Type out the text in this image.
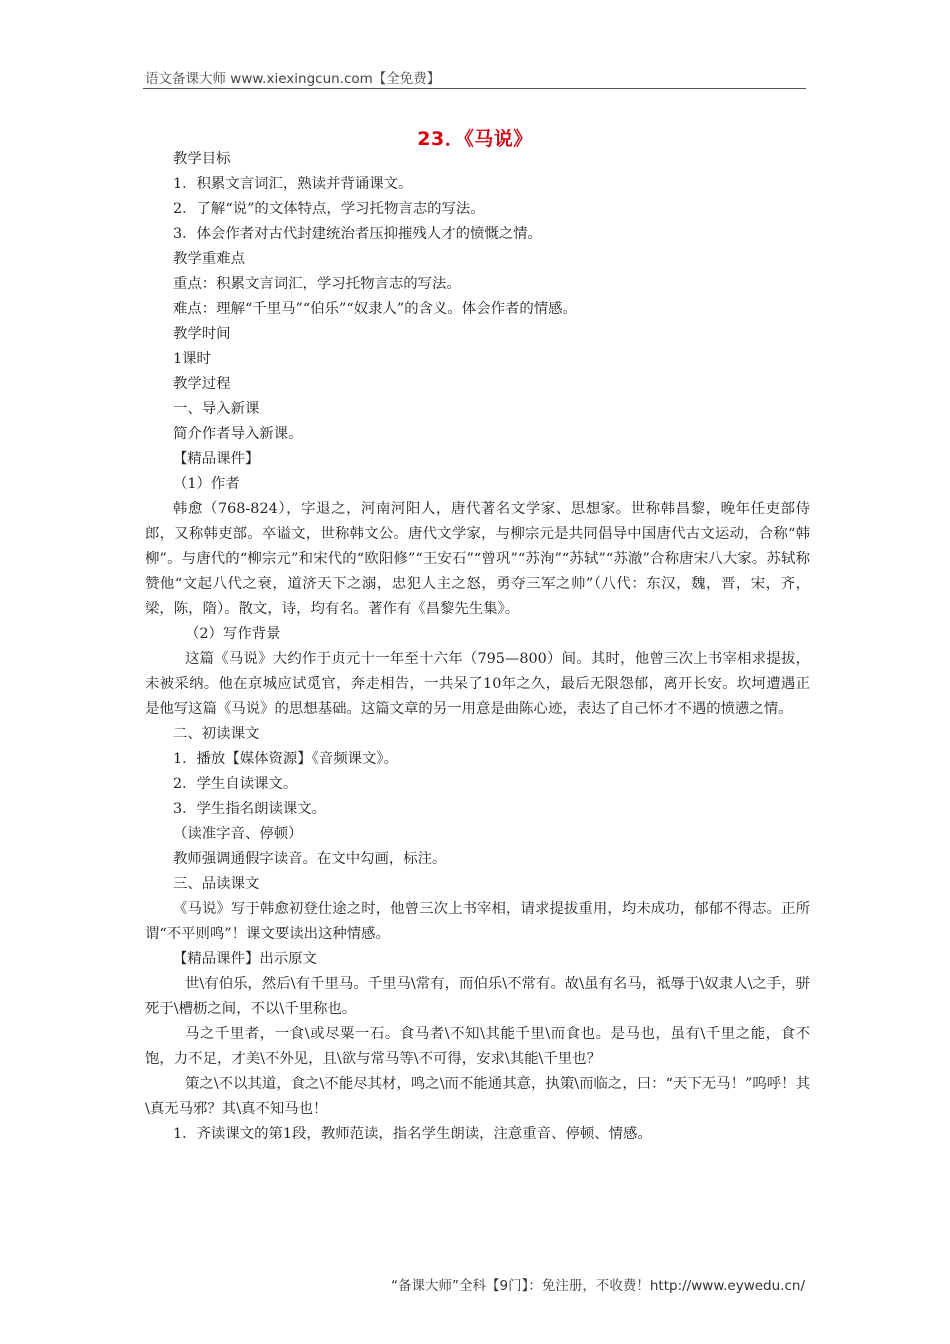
语文备课大师 www.xiexingcun.com【全免费】
23．《马说》
教学目标
1．积累文言词汇，熟读并背诵课文。
2．了解“说”的文体特点，学习托物言志的写法。
3．体会作者对古代封建统治者压抑摧残人才的愤慨之情。
教学重难点
重点：积累文言词汇，学习托物言志的写法。
难点：理解“千里马”“伯乐”“奴隶人”的含义。体会作者的情感。
教学时间
1课时
教学过程
一、导入新课
简介作者导入新课。
【精品课件】
（1）作者
韩愈（768-824），字退之，河南河阳人，唐代著名文学家、思想家。世称韩昌黎，晚年任吏部侍郎，又称韩吏部。卒谥文，世称韩文公。唐代文学家，与柳宗元是共同倡导中国唐代古文运动，合称“韩柳”。与唐代的“柳宗元”和宋代的“欧阳修”“王安石”“曾巩”“苏洵”“苏轼”“苏澈”合称唐宋八大家。苏轼称赞他“文起八代之衰，道济天下之溺，忠犯人主之怒，勇夺三军之帅”（八代：东汉，魏，晋，宋，齐，梁，陈，隋）。散文，诗，均有名。著作有《昌黎先生集》。
（2）写作背景
这篇《马说》大约作于贞元十一年至十六年（795—800）间。其时，他曾三次上书宰相求提拔，未被采纳。他在京城应试觅官，奔走相告，一共呆了10年之久，最后无限怨郁，离开长安。坎坷遭遇正是他写这篇《马说》的思想基础。这篇文章的另一用意是曲陈心迹，表达了自己怀才不遇的愤懑之情。
二、初读课文
1．播放【媒体资源】《音频课文》。
2．学生自读课文。
3．学生指名朗读课文。
（读准字音、停顿）
教师强调通假字读音。在文中勾画，标注。
三、品读课文
《马说》写于韩愈初登仕途之时，他曾三次上书宰相，请求提拔重用，均未成功，郁郁不得志。正所谓“不平则鸣”！课文要读出这种情感。
【精品课件】出示原文
世\有伯乐，然后\有千里马。千里马\常有，而伯乐\不常有。故\虽有名马，祗辱于\奴隶人\之手，骈死于\槽枥之间，不以\千里称也。
马之千里者，一食\或尽粟一石。食马者\不知\其能千里\而食也。是马也，虽有\千里之能，食不饱，力不足，才美\不外见，且\欲与常马等\不可得，安求\其能\千里也？
策之\不以其道，食之\不能尽其材，鸣之\而不能通其意，执策\而临之，曰：“天下无马！”呜呼！其\真无马邪？其\真不知马也！
1．齐读课文的第1段，教师范读，指名学生朗读，注意重音、停顿、情感。
“备课大师”全科【9门】：免注册，不收费！http://www.eywedu.cn/
